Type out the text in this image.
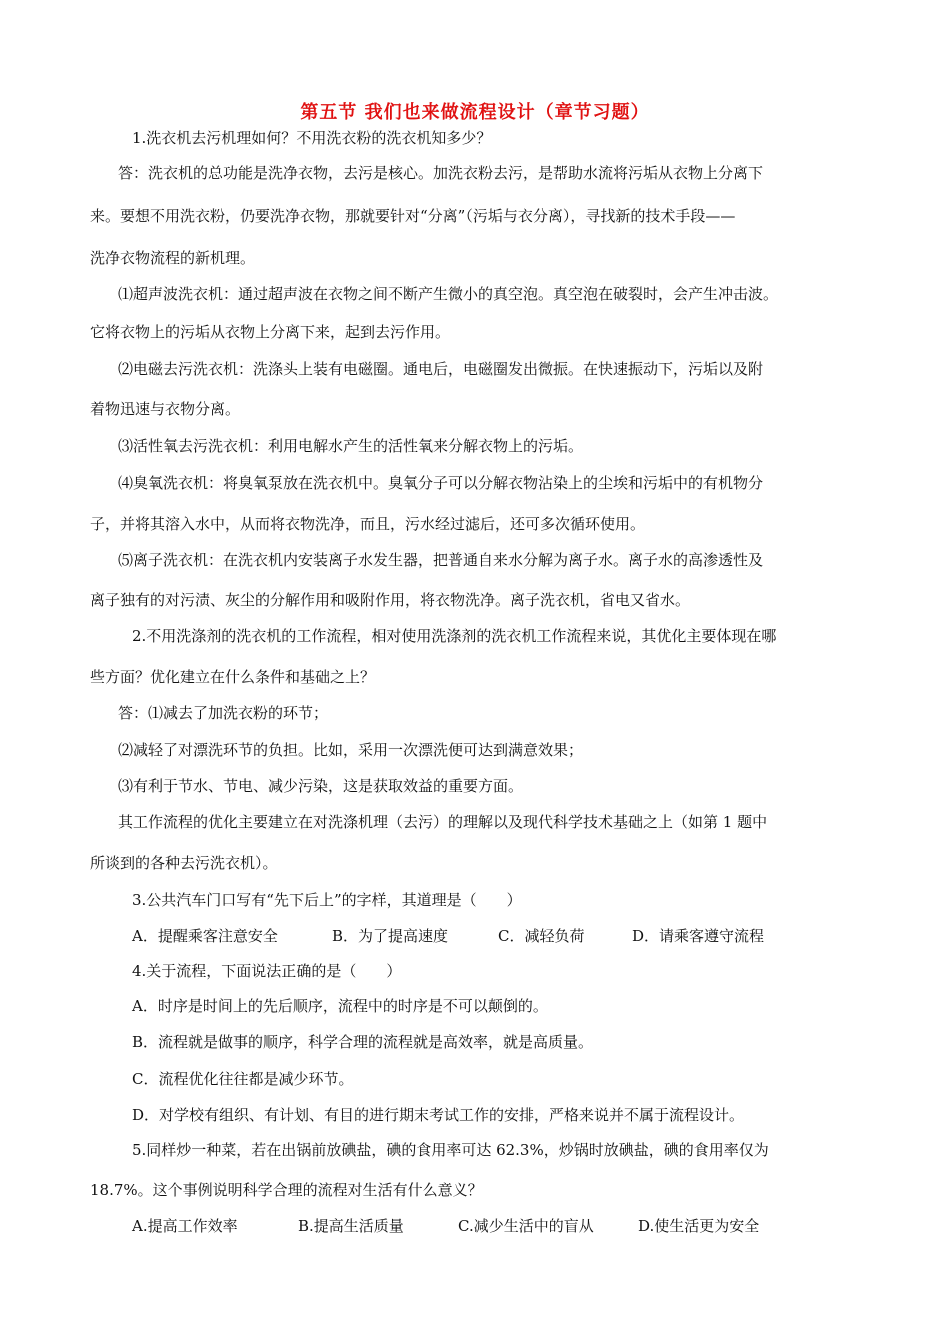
第五节 我们也来做流程设计（章节习题）
1.洗衣机去污机理如何？不用洗衣粉的洗衣机知多少？
答：洗衣机的总功能是洗净衣物，去污是核心。加洗衣粉去污，是帮助水流将污垢从衣物上分离下
来。要想不用洗衣粉，仍要洗净衣物，那就要针对“分离”（污垢与衣分离），寻找新的技术手段——
洗净衣物流程的新机理。
⑴超声波洗衣机：通过超声波在衣物之间不断产生微小的真空泡。真空泡在破裂时，会产生冲击波。
它将衣物上的污垢从衣物上分离下来，起到去污作用。
⑵电磁去污洗衣机：洗涤头上装有电磁圈。通电后，电磁圈发出微振。在快速振动下，污垢以及附
着物迅速与衣物分离。
⑶活性氧去污洗衣机：利用电解水产生的活性氧来分解衣物上的污垢。
⑷臭氧洗衣机：将臭氧泵放在洗衣机中。臭氧分子可以分解衣物沾染上的尘埃和污垢中的有机物分
子，并将其溶入水中，从而将衣物洗净，而且，污水经过滤后，还可多次循环使用。
⑸离子洗衣机：在洗衣机内安装离子水发生器，把普通自来水分解为离子水。离子水的高渗透性及
离子独有的对污渍、灰尘的分解作用和吸附作用，将衣物洗净。离子洗衣机，省电又省水。
2.不用洗涤剂的洗衣机的工作流程，相对使用洗涤剂的洗衣机工作流程来说，其优化主要体现在哪
些方面？优化建立在什么条件和基础之上？
答：⑴减去了加洗衣粉的环节；
⑵减轻了对漂洗环节的负担。比如，采用一次漂洗便可达到满意效果；
⑶有利于节水、节电、减少污染，这是获取效益的重要方面。
其工作流程的优化主要建立在对洗涤机理（去污）的理解以及现代科学技术基础之上（如第 1 题中
所谈到的各种去污洗衣机）。
3.公共汽车门口写有“先下后上”的字样，其道理是（　　）
A．提醒乘客注意安全	B．为了提高速度	C．减轻负荷	D．请乘客遵守流程
4.关于流程，下面说法正确的是（　　）
A．时序是时间上的先后顺序，流程中的时序是不可以颠倒的。
B．流程就是做事的顺序，科学合理的流程就是高效率，就是高质量。
C．流程优化往往都是减少环节。
D．对学校有组织、有计划、有目的进行期末考试工作的安排，严格来说并不属于流程设计。
5.同样炒一种菜，若在出锅前放碘盐，碘的食用率可达 62.3%，炒锅时放碘盐，碘的食用率仅为
18.7%。这个事例说明科学合理的流程对生活有什么意义？
A.提高工作效率	B.提高生活质量	C.减少生活中的盲从	D.使生活更为安全
